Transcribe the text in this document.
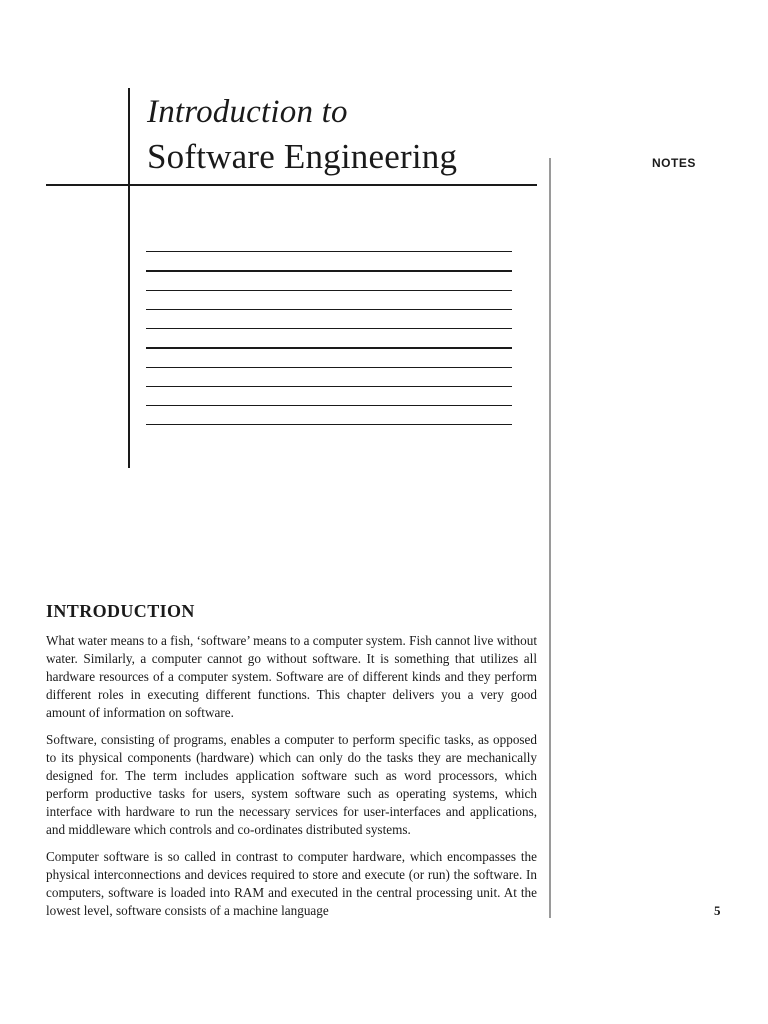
Introduction to
Software Engineering	NOTES
INTRODUCTION

What water means to a fish, ‘software’ means to a computer system. Fish cannot live without water. Similarly, a computer cannot go without software. It is something that utilizes all hardware resources of a computer system. Software are of different kinds and they perform different roles in executing different functions. This chapter delivers you a very good amount of information on software.

Software, consisting of programs, enables a computer to perform specific tasks, as opposed to its physical components (hardware) which can only do the tasks they are mechanically designed for. The term includes application software such as word processors, which perform productive tasks for users, system software such as operating systems, which interface with hardware to run the necessary services for user-interfaces and applications, and middleware which controls and co-ordinates distributed systems.

Computer software is so called in contrast to computer hardware, which encompasses the physical interconnections and devices required to store and execute (or run) the software. In computers, software is loaded into RAM and executed in the central processing unit. At the lowest level, software consists of a machine language	5
